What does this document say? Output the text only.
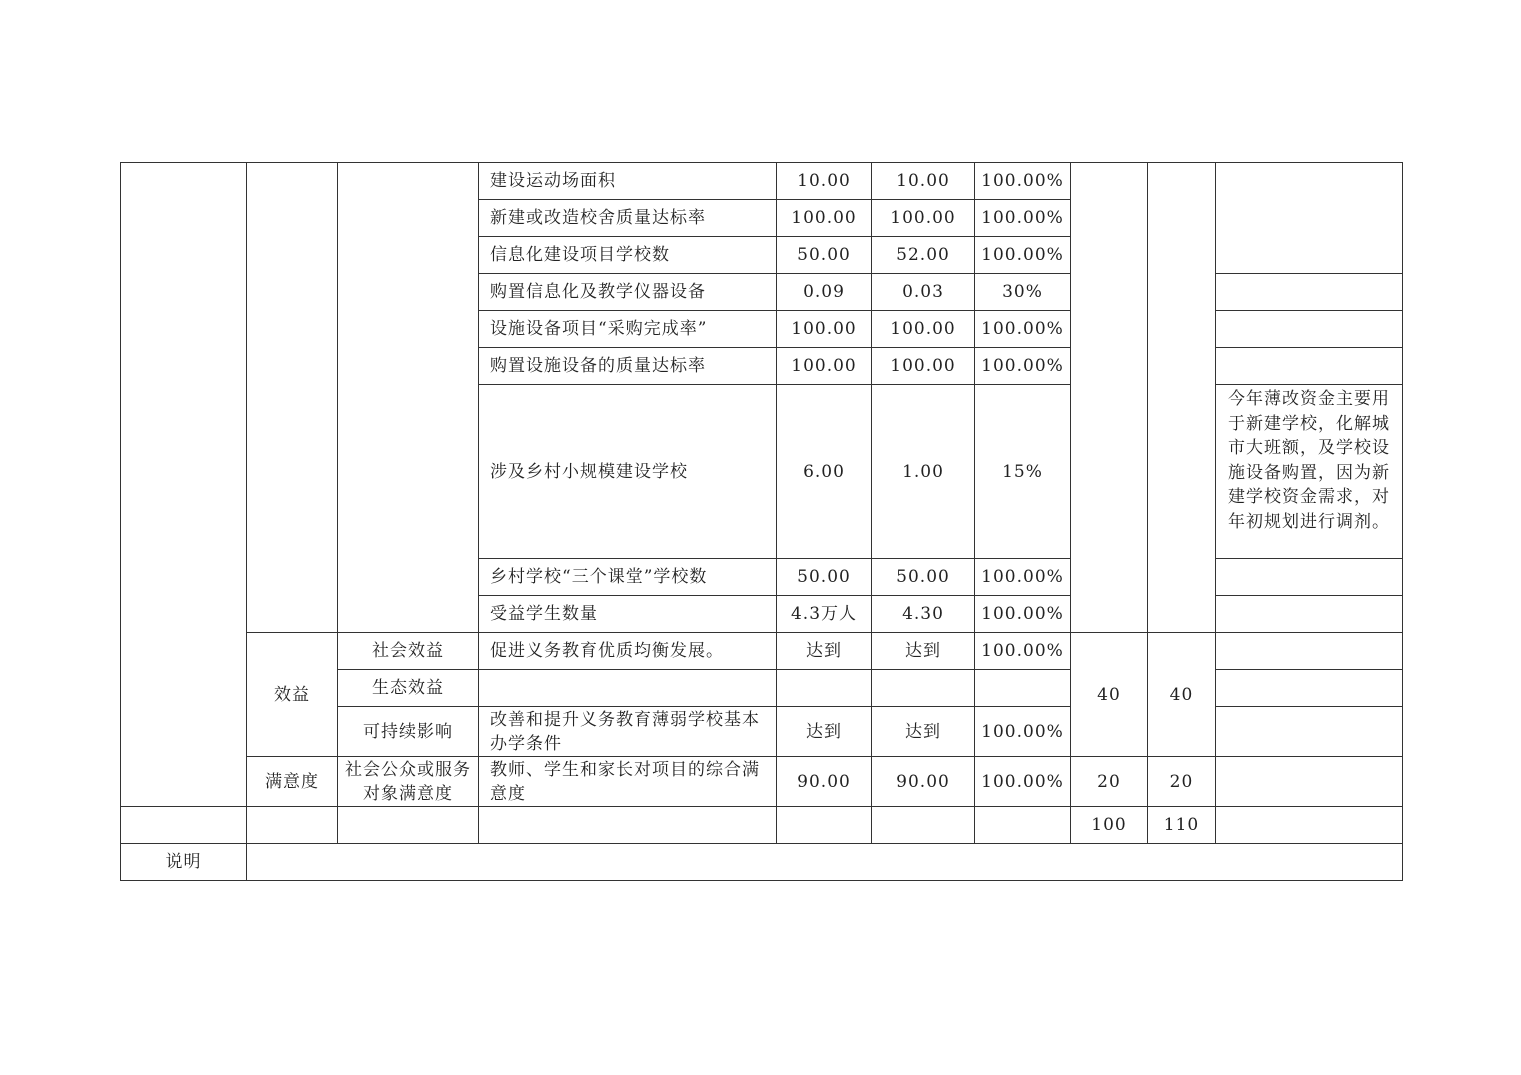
			建设运动场面积	10.00	10.00	100.00%			
			新建或改造校舍质量达标率	100.00	100.00	100.00%			
			信息化建设项目学校数	50.00	52.00	100.00%			
			购置信息化及教学仪器设备	0.09	0.03	30%			
			设施设备项目“采购完成率”	100.00	100.00	100.00%			
			购置设施设备的质量达标率	100.00	100.00	100.00%			
			涉及乡村小规模建设学校	6.00	1.00	15%			今年薄改资金主要用于新建学校，化解城市大班额，及学校设施设备购置，因为新建学校资金需求，对年初规划进行调剂。
			乡村学校“三个课堂”学校数	50.00	50.00	100.00%			
			受益学生数量	4.3万人	4.30	100.00%			
	效益	社会效益	促进义务教育优质均衡发展。	达到	达到	100.00%	40	40	
		生态效益							
		可持续影响	改善和提升义务教育薄弱学校基本办学条件	达到	达到	100.00%			
	满意度	社会公众或服务对象满意度	教师、学生和家长对项目的综合满意度	90.00	90.00	100.00%	20	20	
							100	110	
说明									
